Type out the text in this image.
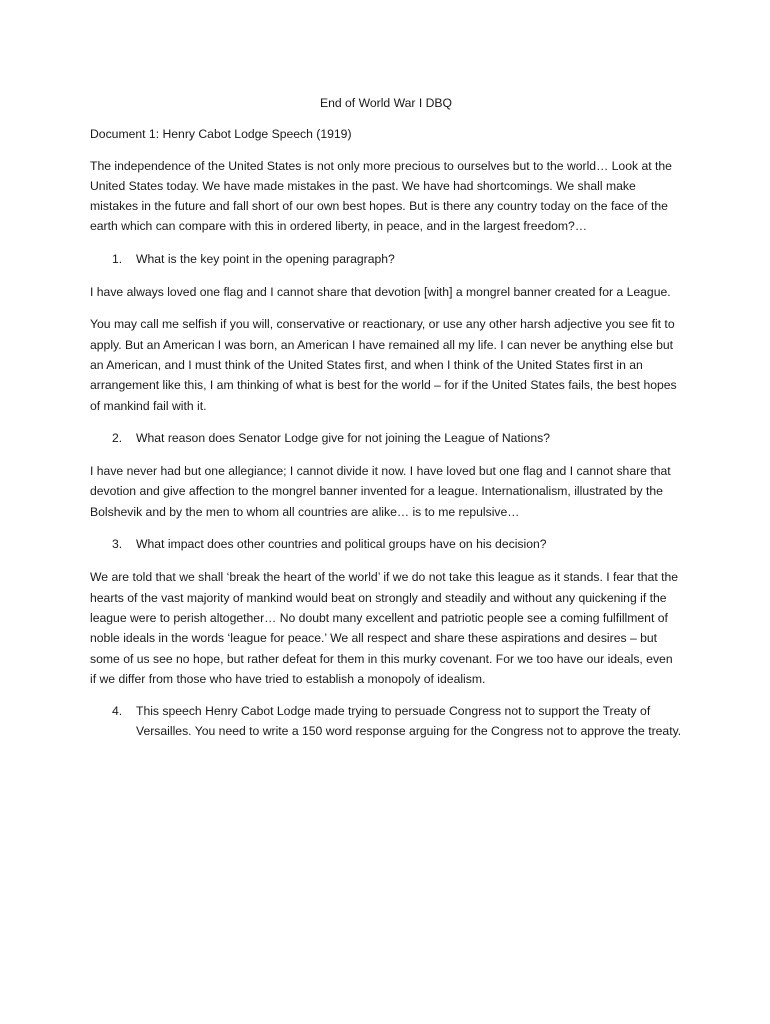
End of World War I DBQ
Document 1: Henry Cabot Lodge Speech (1919)

The independence of the United States is not only more precious to ourselves but to the world… Look at the United States today. We have made mistakes in the past. We have had shortcomings. We shall make mistakes in the future and fall short of our own best hopes. But is there any country today on the face of the earth which can compare with this in ordered liberty, in peace, and in the largest freedom?…

1. What is the key point in the opening paragraph?

I have always loved one flag and I cannot share that devotion [with] a mongrel banner created for a League.

You may call me selfish if you will, conservative or reactionary, or use any other harsh adjective you see fit to apply. But an American I was born, an American I have remained all my life. I can never be anything else but an American, and I must think of the United States first, and when I think of the United States first in an arrangement like this, I am thinking of what is best for the world – for if the United States fails, the best hopes of mankind fail with it.

2. What reason does Senator Lodge give for not joining the League of Nations?

I have never had but one allegiance; I cannot divide it now. I have loved but one flag and I cannot share that devotion and give affection to the mongrel banner invented for a league. Internationalism, illustrated by the Bolshevik and by the men to whom all countries are alike… is to me repulsive…

3. What impact does other countries and political groups have on his decision?

We are told that we shall ‘break the heart of the world’ if we do not take this league as it stands. I fear that the hearts of the vast majority of mankind would beat on strongly and steadily and without any quickening if the league were to perish altogether… No doubt many excellent and patriotic people see a coming fulfillment of noble ideals in the words ‘league for peace.’ We all respect and share these aspirations and desires – but some of us see no hope, but rather defeat for them in this murky covenant. For we too have our ideals, even if we differ from those who have tried to establish a monopoly of idealism.

4. This speech Henry Cabot Lodge made trying to persuade Congress not to support the Treaty of Versailles. You need to write a 150 word response arguing for the Congress not to approve the treaty.
